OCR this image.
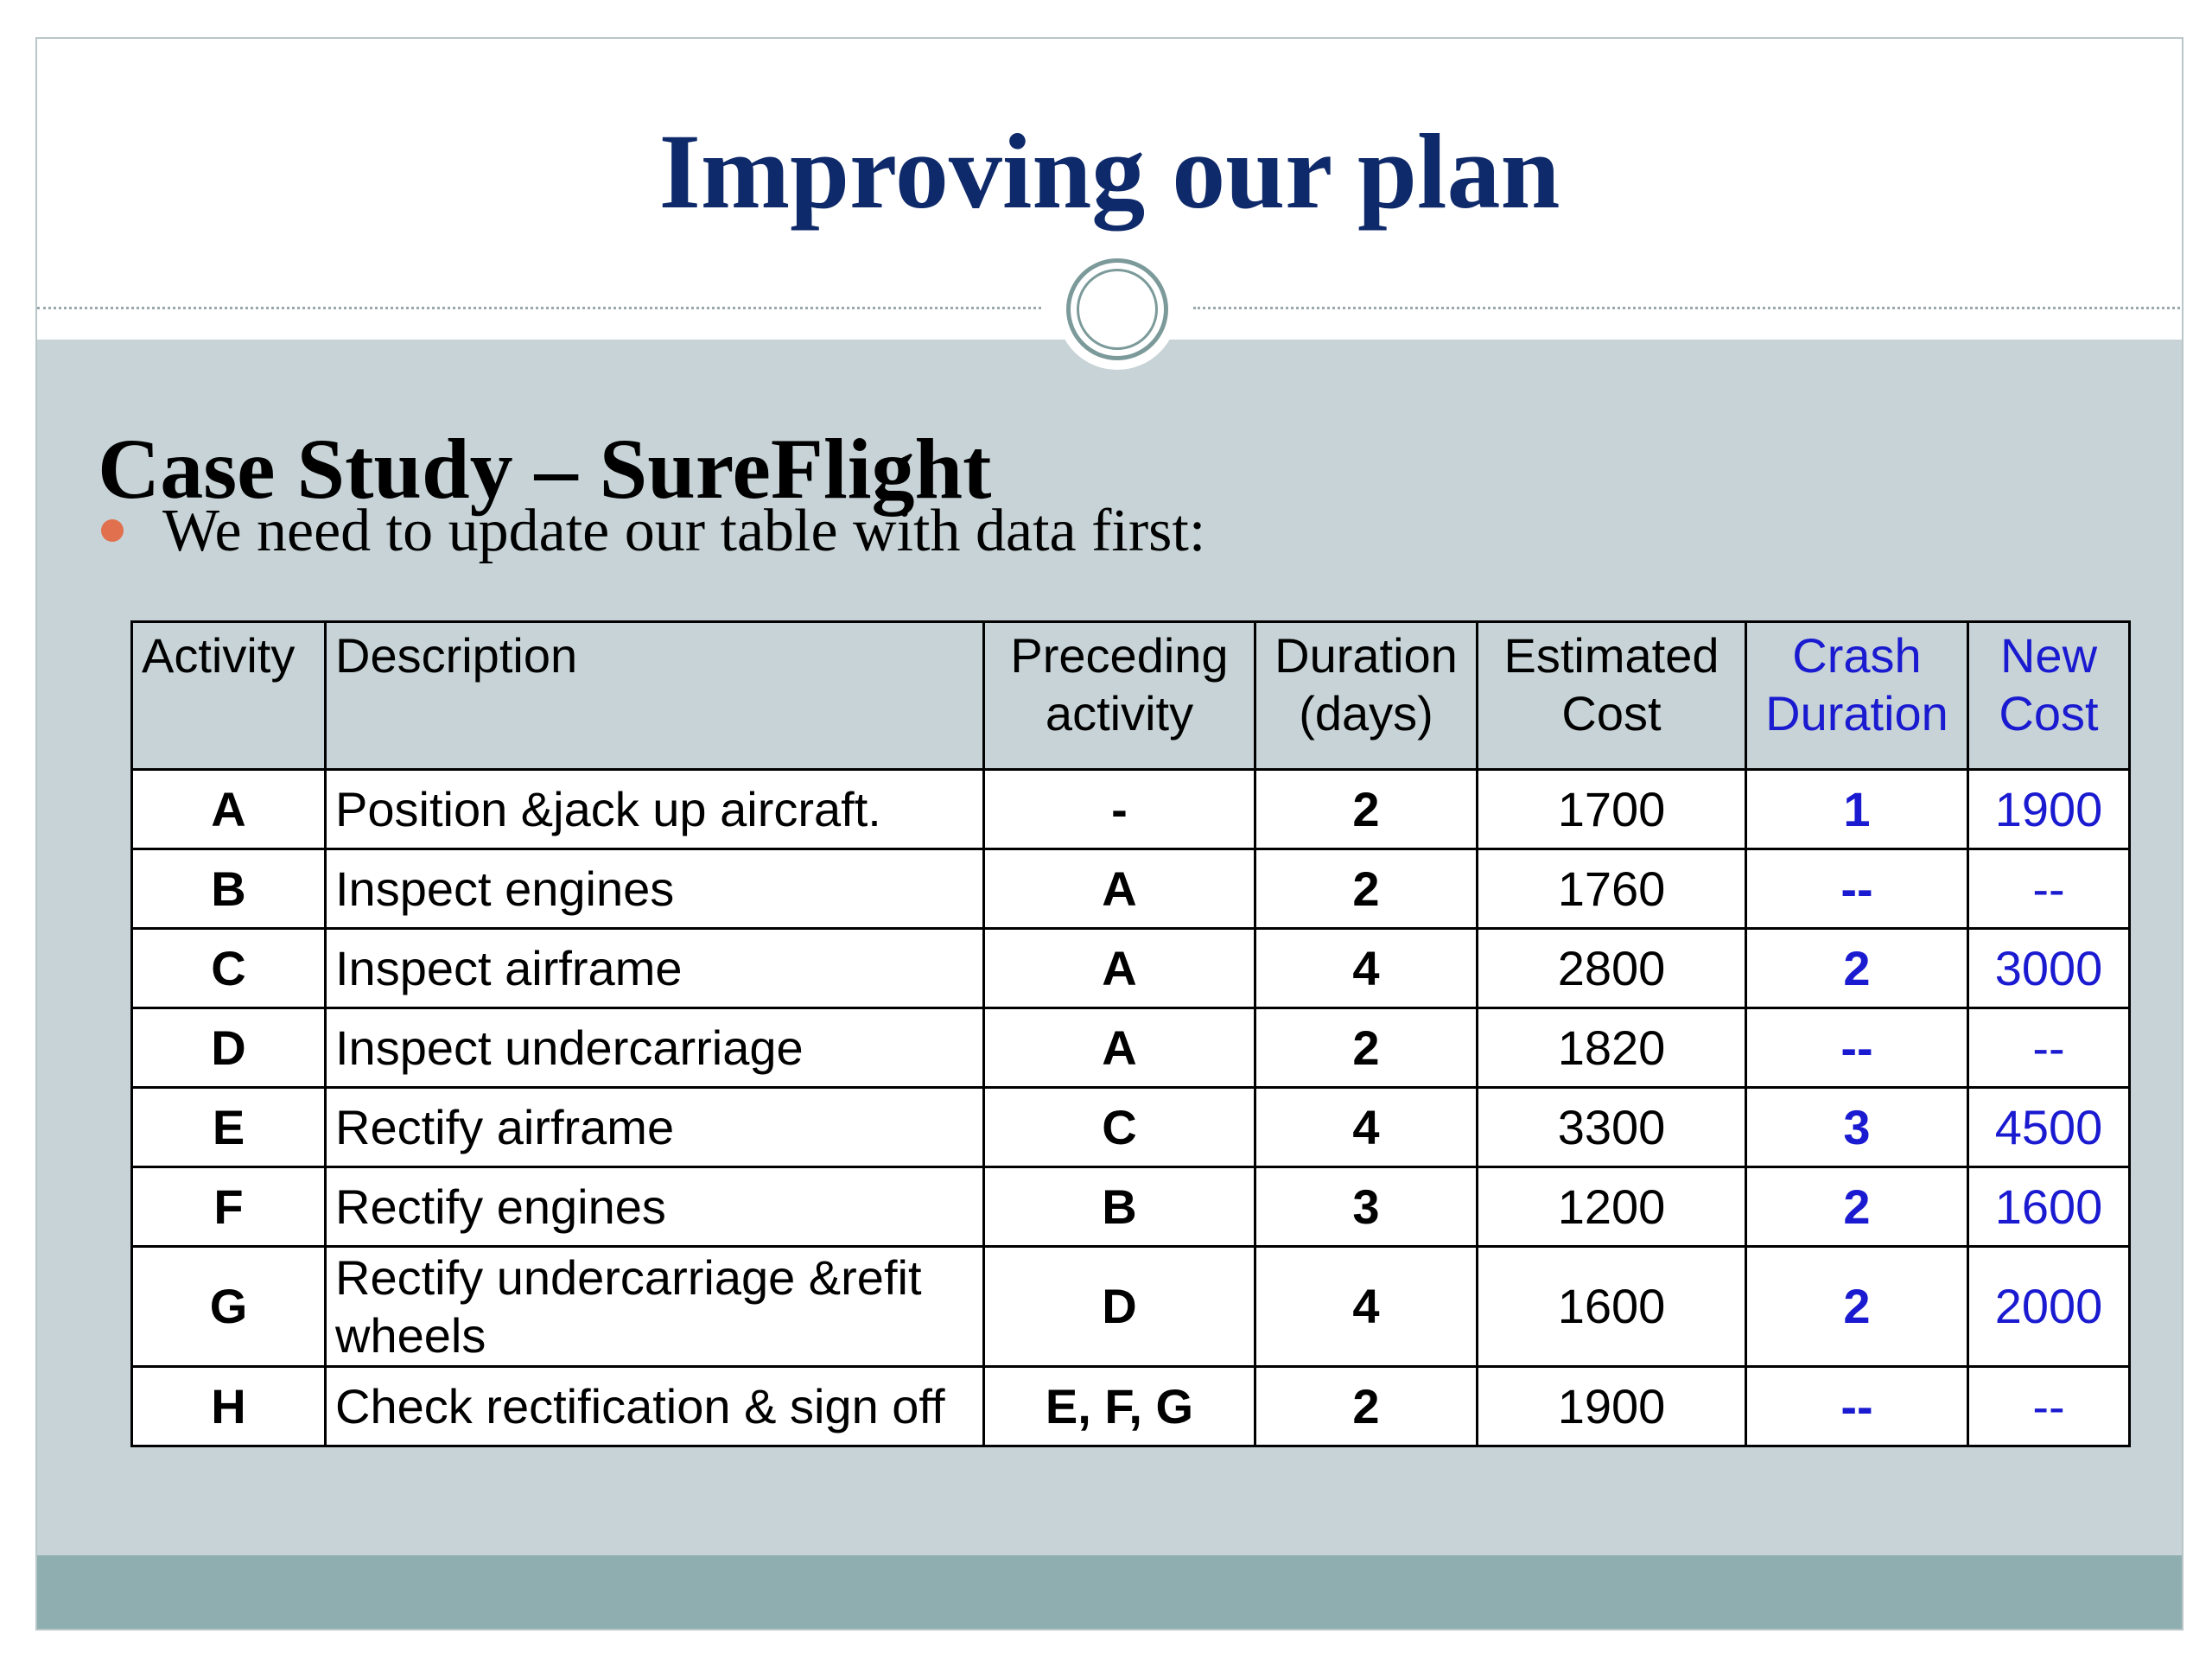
Improving our plan
Case Study – SureFlight
We need to update our table with data first:
Activity	Description	Preceding activity	Duration (days)	Estimated Cost	Crash Duration	New Cost
A	Position &jack up aircraft.	-	2	1700	1	1900
B	Inspect engines	A	2	1760	--	--
C	Inspect airframe	A	4	2800	2	3000
D	Inspect undercarriage	A	2	1820	--	--
E	Rectify airframe	C	4	3300	3	4500
F	Rectify engines	B	3	1200	2	1600
G	Rectify undercarriage &refit wheels	D	4	1600	2	2000
H	Check rectification & sign off	E, F, G	2	1900	--	--
